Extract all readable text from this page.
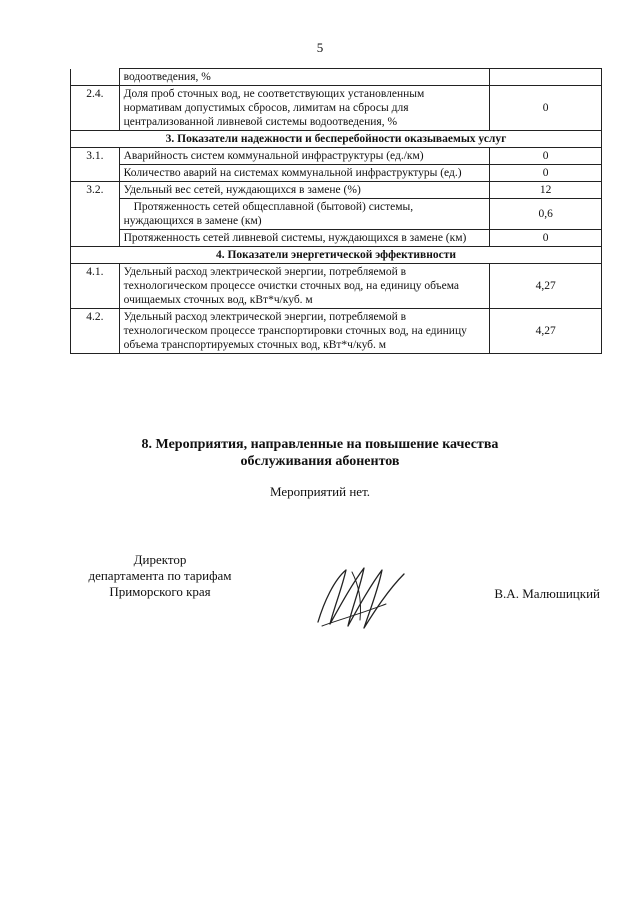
5
	водоотведения, %	
2.4.	Доля проб сточных вод, не соответствующих установленным нормативам допустимых сбросов, лимитам на сбросы для централизованной ливневой системы водоотведения, %	0
3. Показатели надежности и бесперебойности оказываемых услуг		
3.1.	Аварийность систем коммунальной инфраструктуры (ед./км)	0
	Количество аварий на системах коммунальной инфраструктуры (ед.)	0
3.2.	Удельный вес сетей, нуждающихся в замене (%)	12
	Протяженность сетей общесплавной (бытовой) системы, нуждающихся в замене (км)	0,6
	Протяженность сетей ливневой системы, нуждающихся в замене (км)	0
4. Показатели энергетической эффективности		
4.1.	Удельный расход электрической энергии, потребляемой в технологическом процессе очистки сточных вод, на единицу объема очищаемых сточных вод, кВт*ч/куб. м	4,27
4.2.	Удельный расход электрической энергии, потребляемой в технологическом процессе транспортировки сточных вод, на единицу объема транспортируемых сточных вод, кВт*ч/куб. м	4,27
8. Мероприятия, направленные на повышение качества
обслуживания абонентов
Мероприятий нет.
Директор
департамента по тарифам
Приморского края	В.А. Малюшицкий
